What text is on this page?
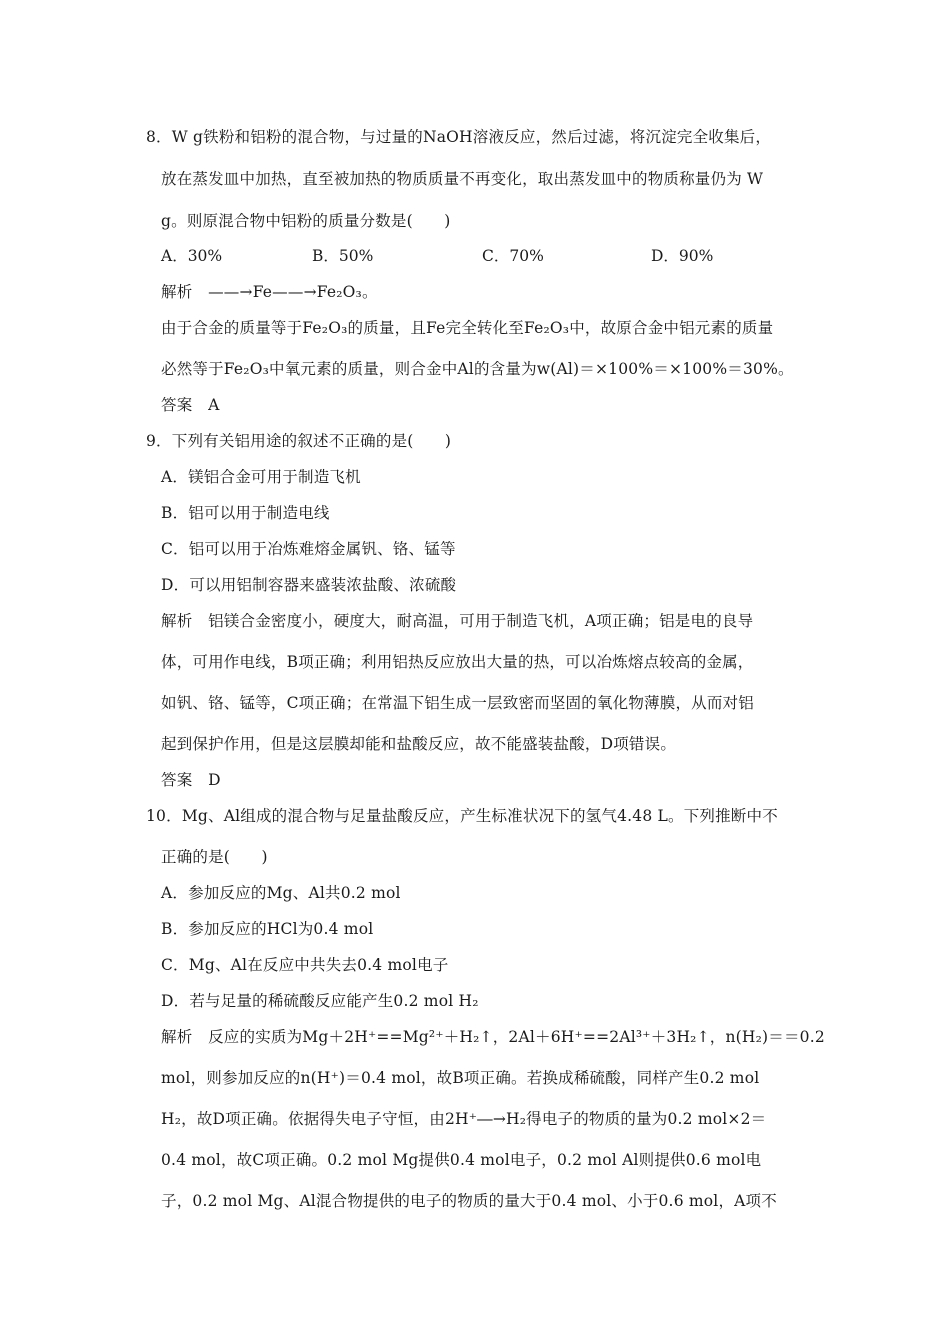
8．W g铁粉和铝粉的混合物，与过量的NaOH溶液反应，然后过滤，将沉淀完全收集后，
放在蒸发皿中加热，直至被加热的物质质量不再变化，取出蒸发皿中的物质称量仍为 W
g。则原混合物中铝粉的质量分数是(　　)
A．30%	B．50%	C．70%	D．90%
解析　——→Fe——→Fe₂O₃。
由于合金的质量等于Fe₂O₃的质量，且Fe完全转化至Fe₂O₃中，故原合金中铝元素的质量
必然等于Fe₂O₃中氧元素的质量，则合金中Al的含量为w(Al)＝×100%＝×100%＝30%。
答案　A
9．下列有关铝用途的叙述不正确的是(　　)
A．镁铝合金可用于制造飞机
B．铝可以用于制造电线
C．铝可以用于冶炼难熔金属钒、铬、锰等
D．可以用铝制容器来盛装浓盐酸、浓硫酸
解析　铝镁合金密度小，硬度大，耐高温，可用于制造飞机，A项正确；铝是电的良导
体，可用作电线，B项正确；利用铝热反应放出大量的热，可以冶炼熔点较高的金属，
如钒、铬、锰等，C项正确；在常温下铝生成一层致密而坚固的氧化物薄膜，从而对铝
起到保护作用，但是这层膜却能和盐酸反应，故不能盛装盐酸，D项错误。
答案　D
10．Mg、Al组成的混合物与足量盐酸反应，产生标准状况下的氢气4.48 L。下列推断中不
正确的是(　　)
A．参加反应的Mg、Al共0.2 mol
B．参加反应的HCl为0.4 mol
C．Mg、Al在反应中共失去0.4 mol电子
D．若与足量的稀硫酸反应能产生0.2 mol H₂
解析　反应的实质为Mg＋2H⁺==Mg²⁺＋H₂↑，2Al＋6H⁺==2Al³⁺＋3H₂↑，n(H₂)＝＝0.2
mol，则参加反应的n(H⁺)＝0.4 mol，故B项正确。若换成稀硫酸，同样产生0.2 mol
H₂，故D项正确。依据得失电子守恒，由2H⁺―→H₂得电子的物质的量为0.2 mol×2＝
0.4 mol，故C项正确。0.2 mol Mg提供0.4 mol电子，0.2 mol Al则提供0.6 mol电
子，0.2 mol Mg、Al混合物提供的电子的物质的量大于0.4 mol、小于0.6 mol，A项不
